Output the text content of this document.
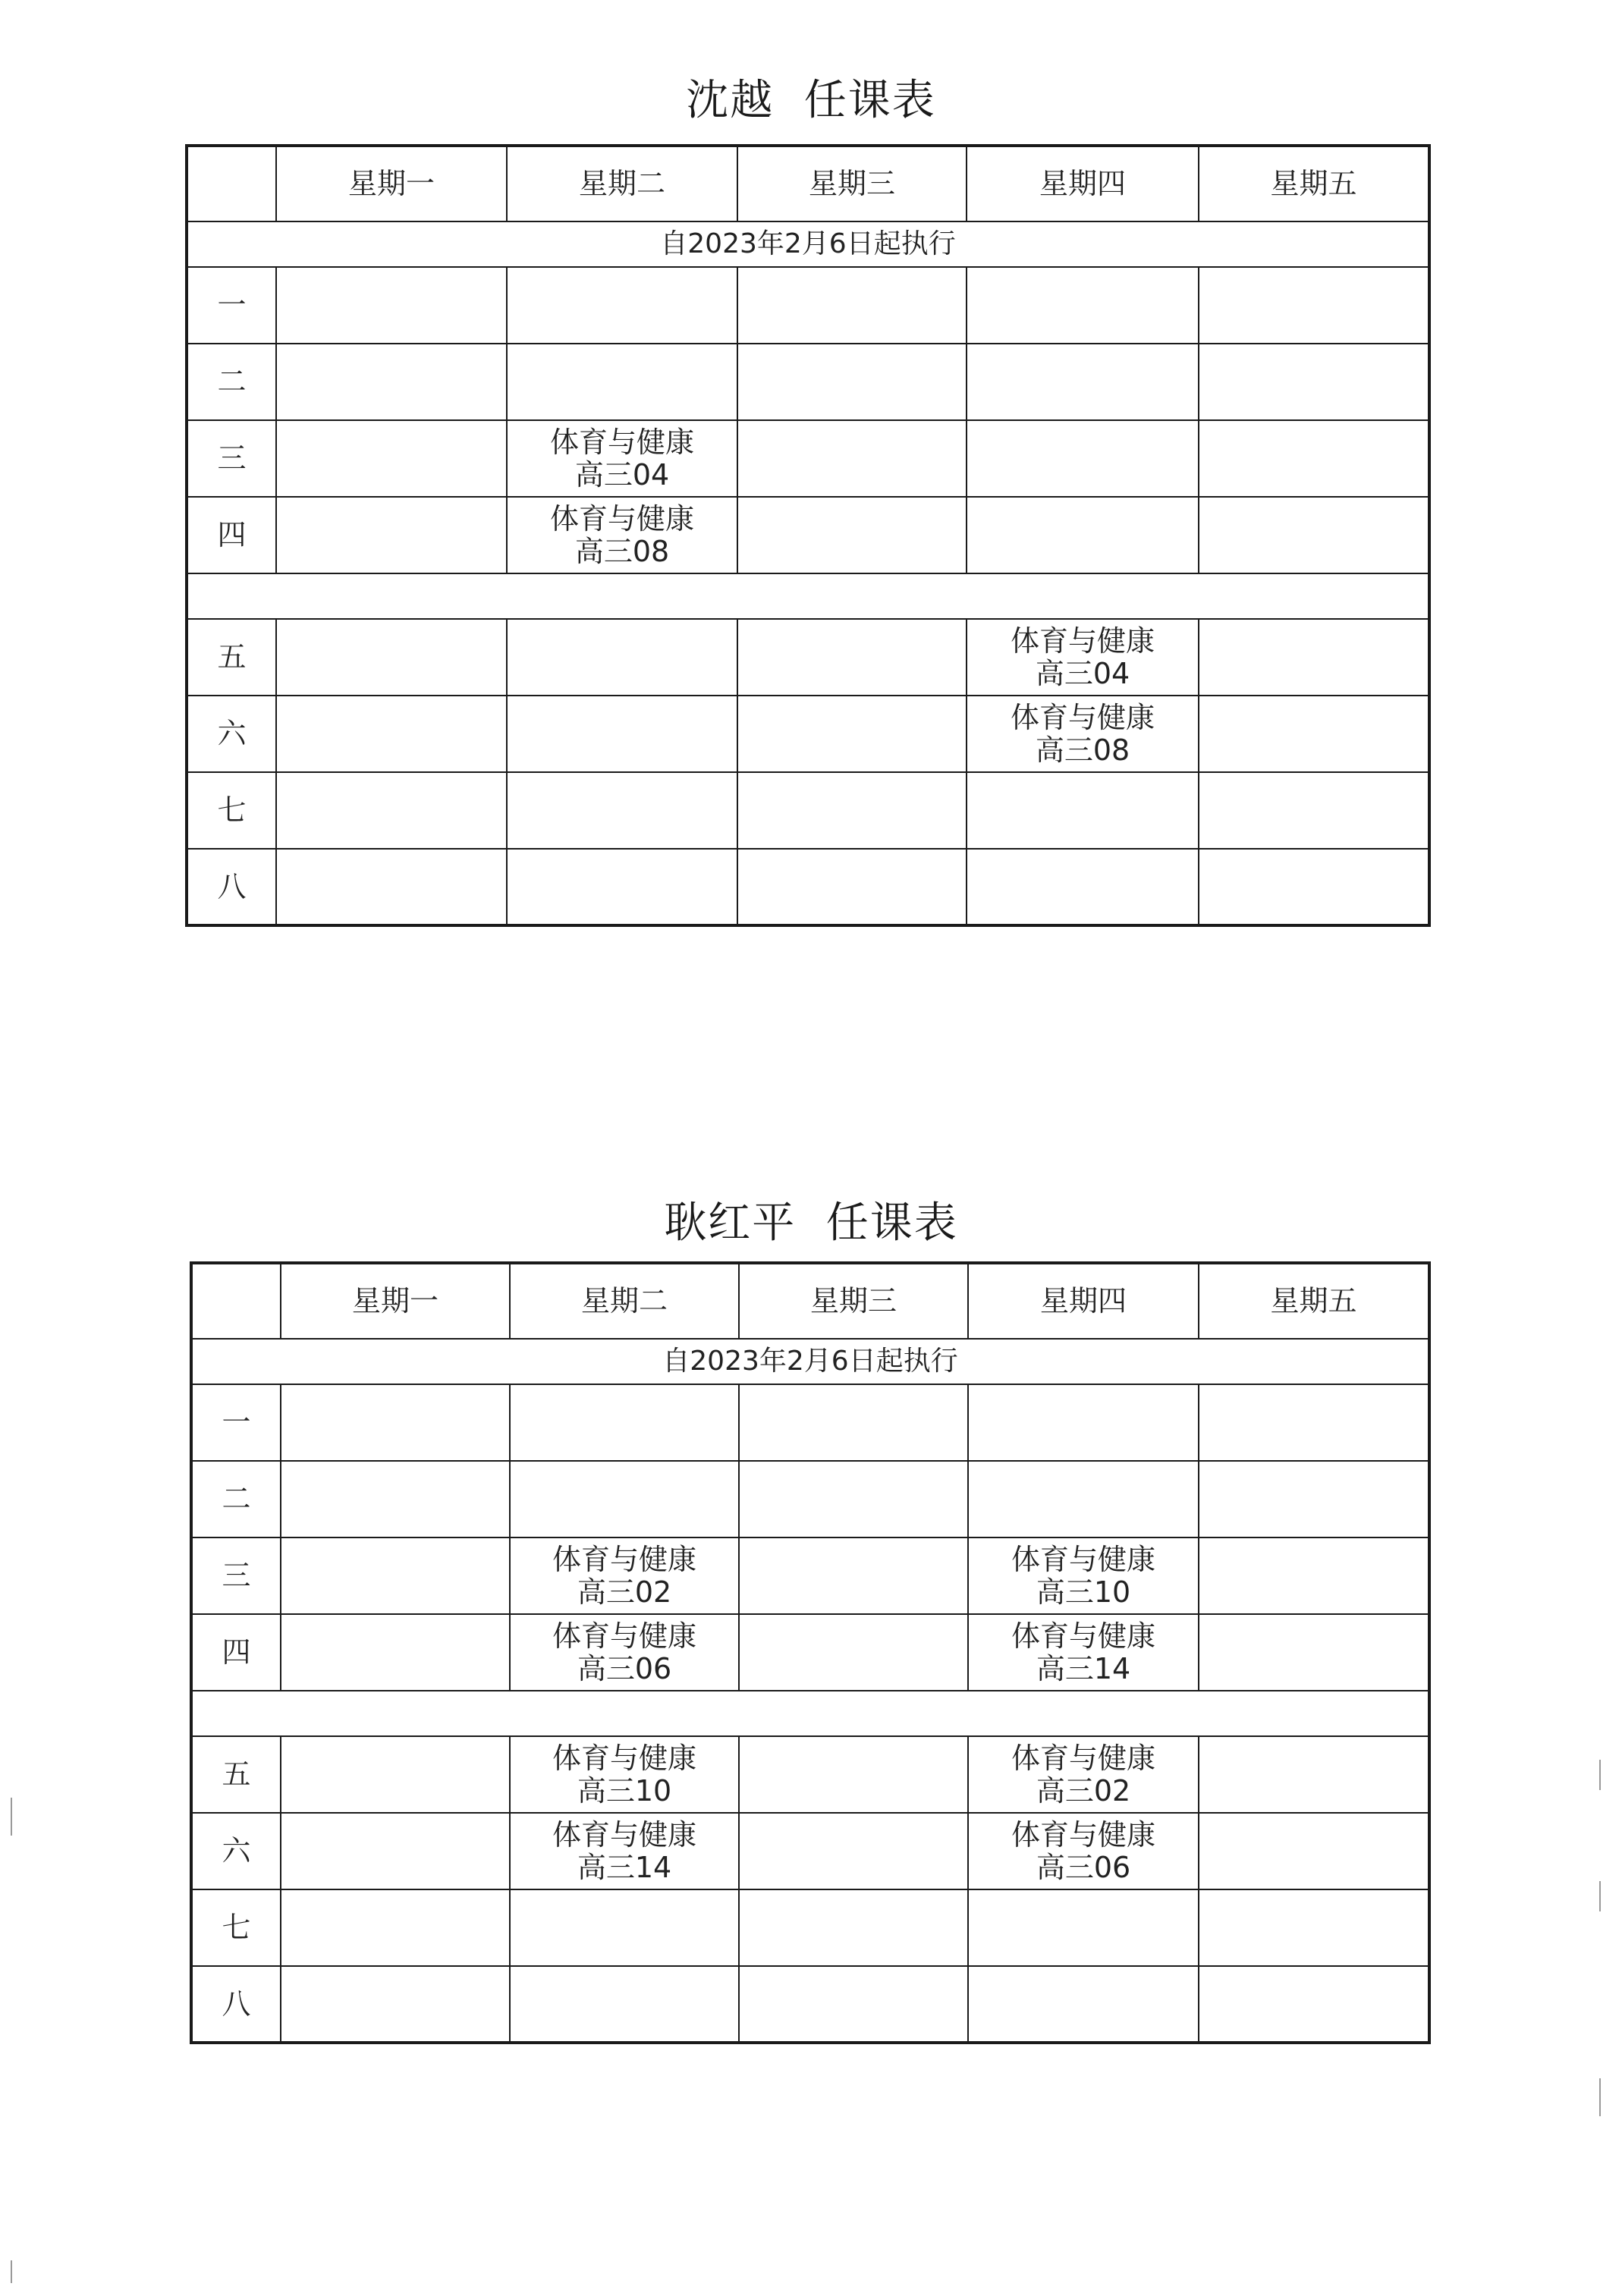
沈越  任课表
	星期一	星期二	星期三	星期四	星期五
自2023年2月6日起执行					
一	

二	

三		体育与健康
高三04			

四		体育与健康
高三08			

五				体育与健康
高三04	

六				体育与健康
高三08	

七	

八	

耿红平  任课表
	星期一	星期二	星期三	星期四	星期五
自2023年2月6日起执行					
一	

二	

三		体育与健康
高三02		体育与健康
高三10	

四		体育与健康
高三06		体育与健康
高三14	

五		体育与健康
高三10		体育与健康
高三02	

六		体育与健康
高三14		体育与健康
高三06	

七	

八	
